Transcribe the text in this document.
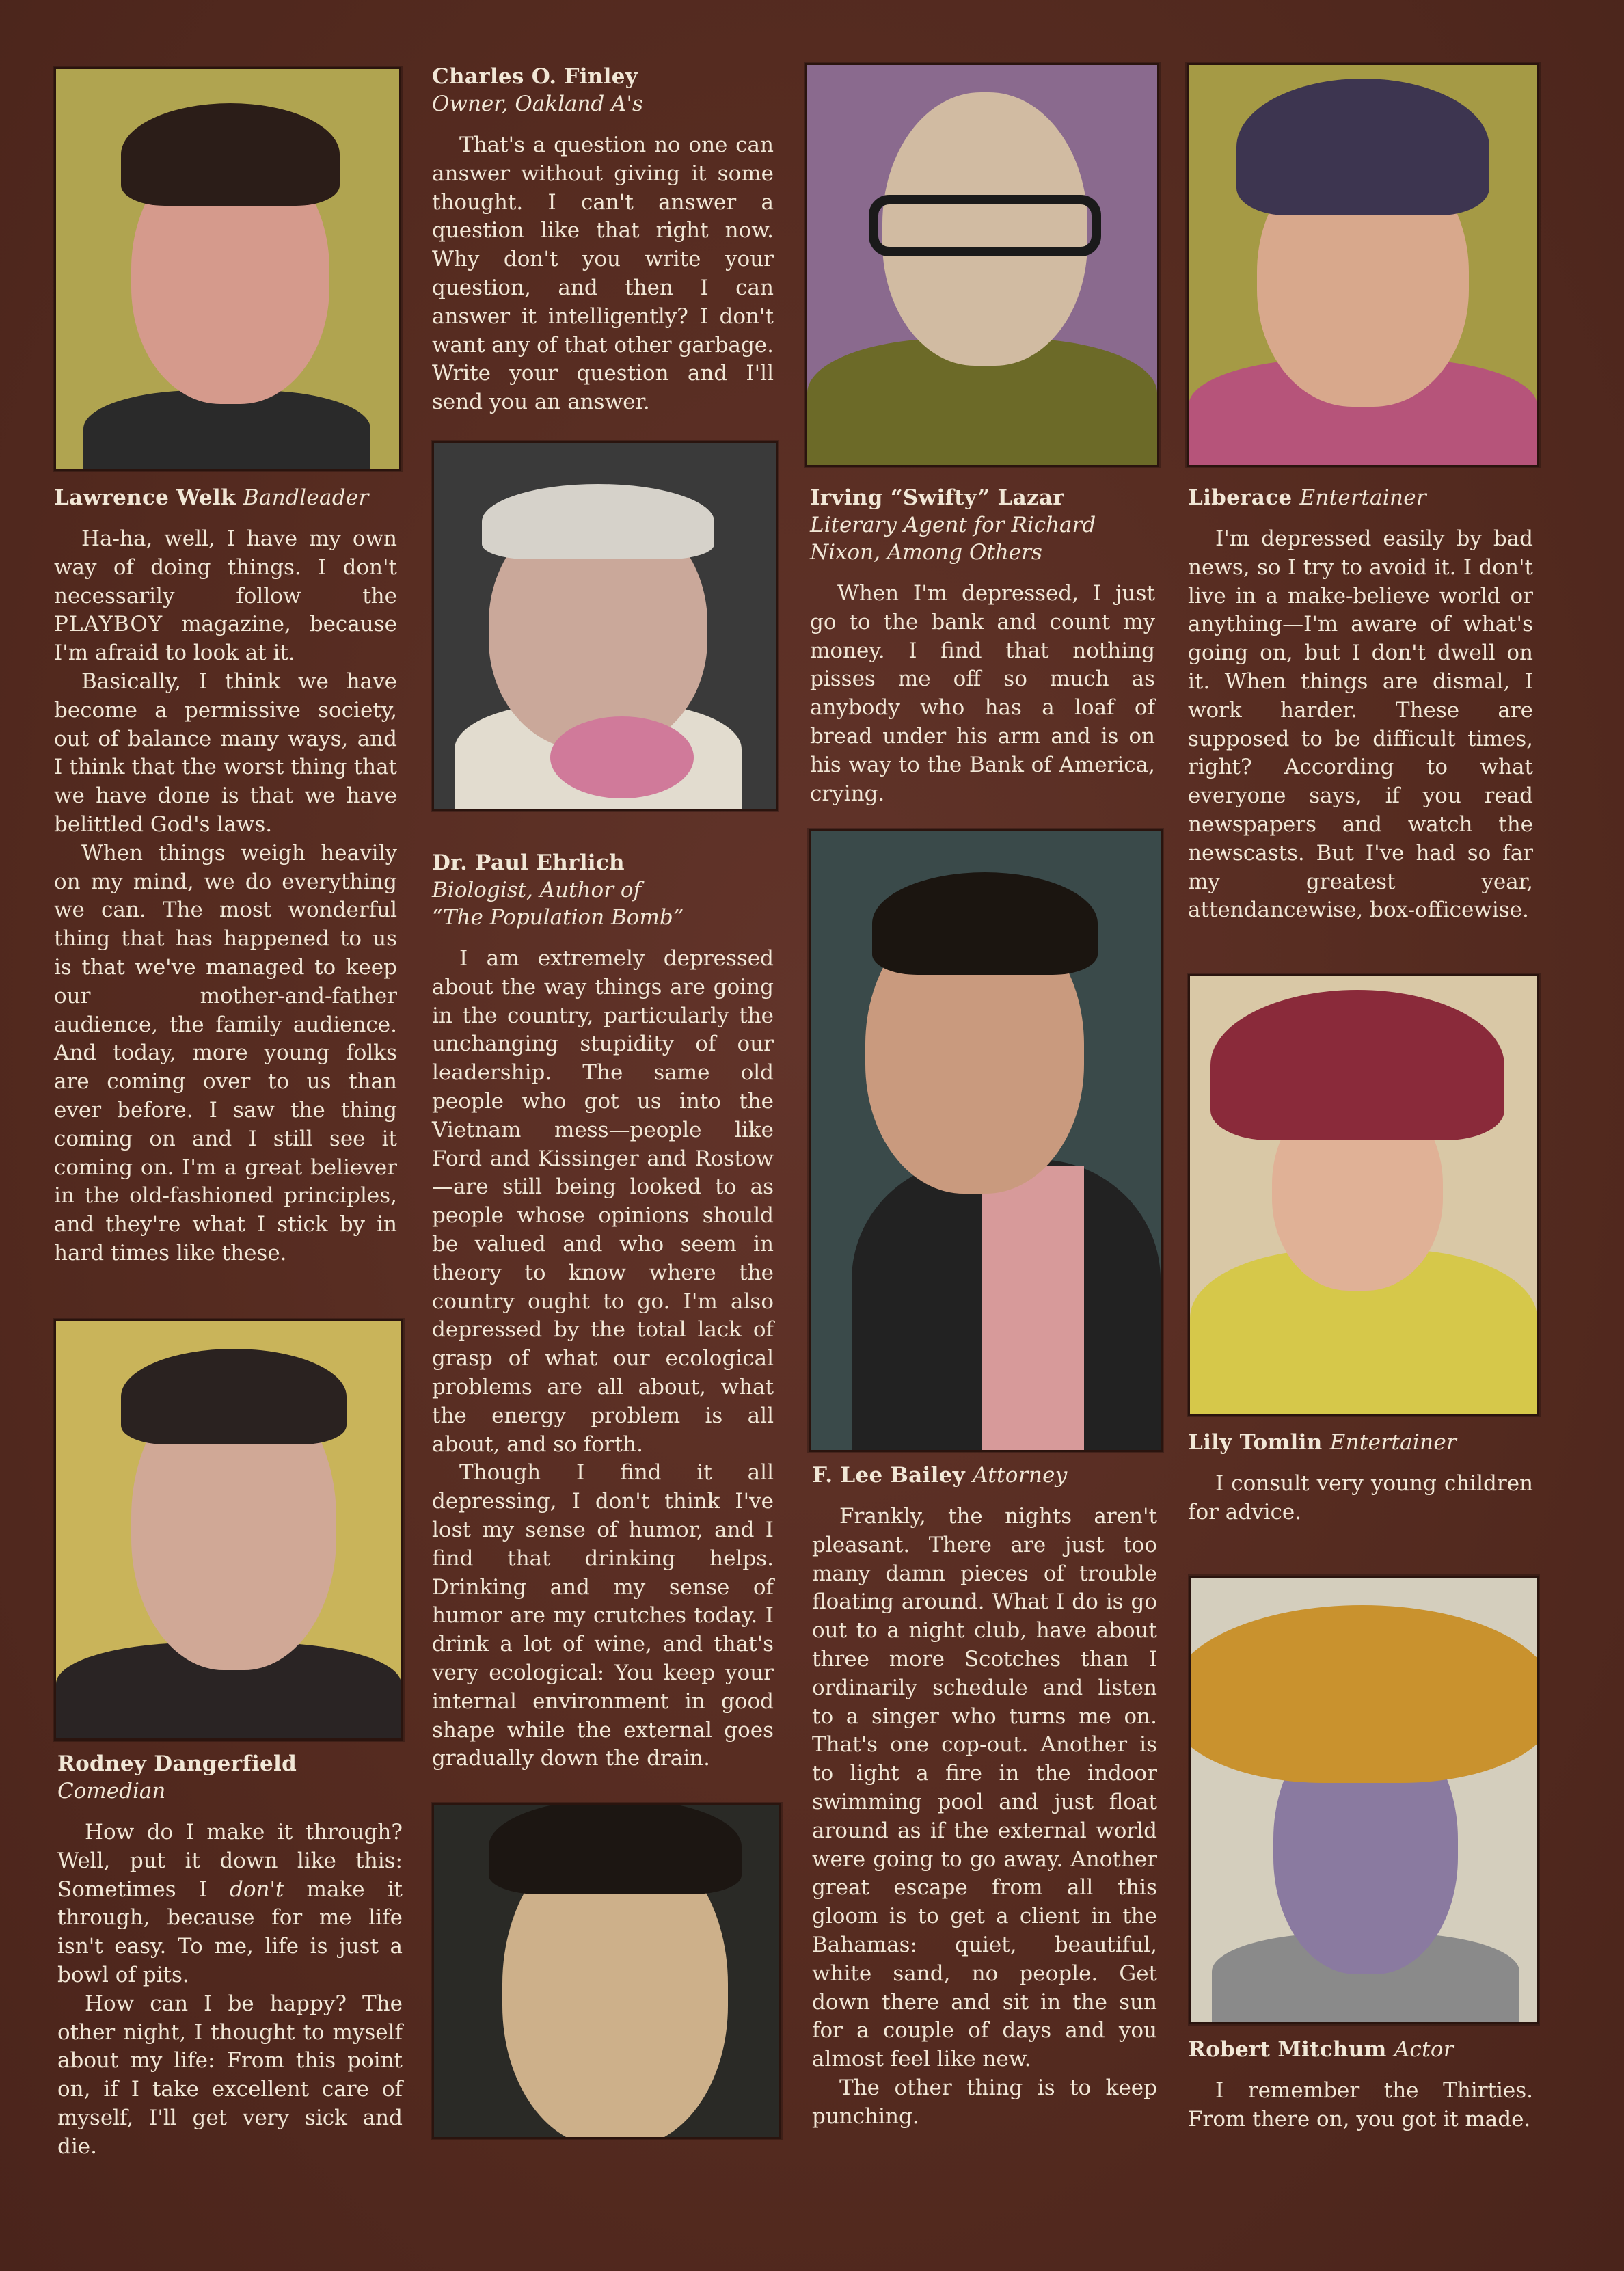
Lawrence Welk Bandleader

Ha-ha, well, I have my own way of doing things. I don't necessarily follow the PLAYBOY magazine, because I'm afraid to look at it.

Basically, I think we have become a permissive society, out of balance many ways, and I think that the worst thing that we have done is that we have belittled God's laws.

When things weigh heavily on my mind, we do everything we can. The most wonderful thing that has happened to us is that we've managed to keep our mother-and-father audience, the family audience. And today, more young folks are coming over to us than ever before. I saw the thing coming on and I still see it coming on. I'm a great believer in the old-fashioned principles, and they're what I stick by in hard times like these.

Charles O. Finley

Owner, Oakland A's

That's a question no one can answer without giving it some thought. I can't answer a question like that right now. Why don't you write your question, and then I can answer it intelligently? I don't want any of that other garbage. Write your question and I'll send you an answer.

Dr. Paul Ehrlich

Biologist, Author of

“The Population Bomb”

I am extremely depressed about the way things are going in the country, particularly the unchanging stupidity of our leadership. The same old people who got us into the Vietnam mess—people like Ford and Kissinger and Rostow—are still being looked to as people whose opinions should be valued and who seem in theory to know where the country ought to go. I'm also depressed by the total lack of grasp of what our ecological problems are all about, what the energy problem is all about, and so forth.

Though I find it all depressing, I don't think I've lost my sense of humor, and I find that drinking helps. Drinking and my sense of humor are my crutches today. I drink a lot of wine, and that's very ecological: You keep your internal environment in good shape while the external goes gradually down the drain.

Irving “Swifty” Lazar

Literary Agent for Richard

Nixon, Among Others

When I'm depressed, I just go to the bank and count my money. I find that nothing pisses me off so much as anybody who has a loaf of bread under his arm and is on his way to the Bank of America, crying.

F. Lee Bailey Attorney

Frankly, the nights aren't pleasant. There are just too many damn pieces of trouble floating around. What I do is go out to a night club, have about three more Scotches than I ordinarily schedule and listen to a singer who turns me on. That's one cop-out. Another is to light a fire in the indoor swimming pool and just float around as if the external world were going to go away. Another great escape from all this gloom is to get a client in the Bahamas: quiet, beautiful, white sand, no people. Get down there and sit in the sun for a couple of days and you almost feel like new.

The other thing is to keep punching.

Liberace Entertainer

I'm depressed easily by bad news, so I try to avoid it. I don't live in a make-believe world or anything—I'm aware of what's going on, but I don't dwell on it. When things are dismal, I work harder. These are supposed to be difficult times, right? According to what everyone says, if you read newspapers and watch the newscasts. But I've had so far my greatest year, attendancewise, box-officewise.

Lily Tomlin Entertainer

I consult very young children for advice.

Rodney Dangerfield

Comedian

How do I make it through? Well, put it down like this: Sometimes I don't make it through, because for me life isn't easy. To me, life is just a bowl of pits.

How can I be happy? The other night, I thought to myself about my life: From this point on, if I take excellent care of myself, I'll get very sick and die.

Robert Mitchum Actor

I remember the Thirties. From there on, you got it made.
